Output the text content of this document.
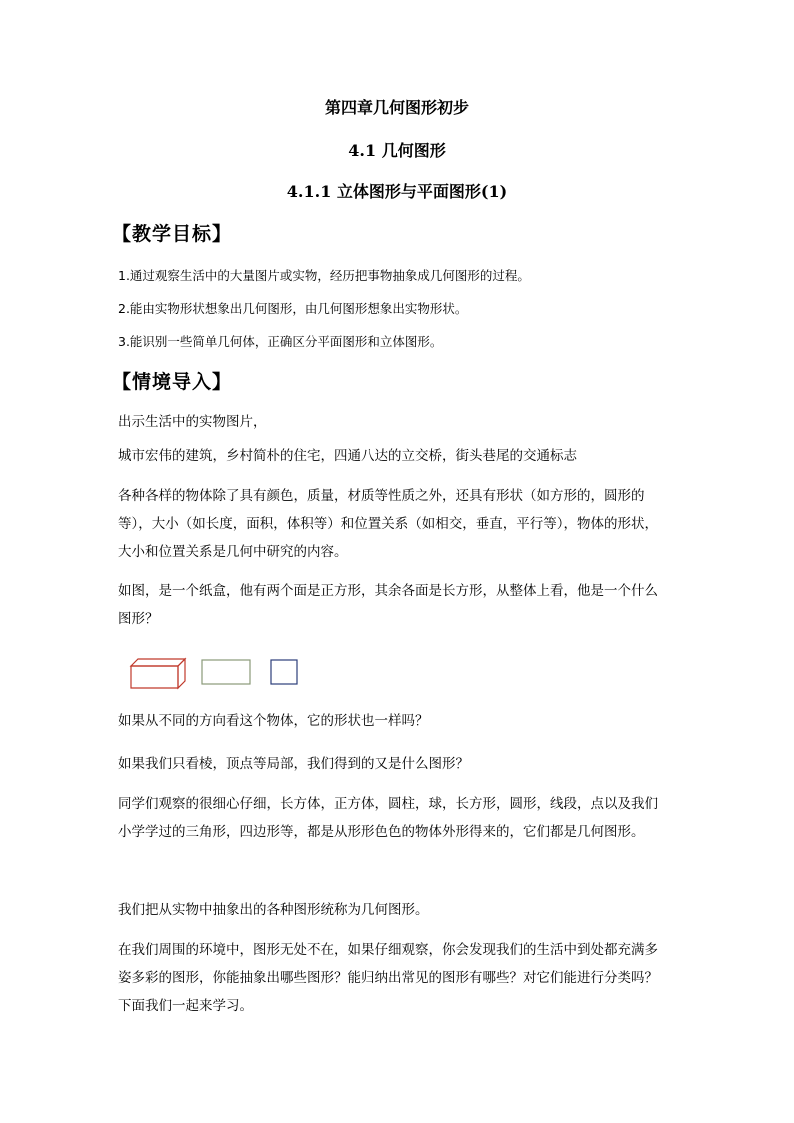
第四章几何图形初步
4.1 几何图形
4.1.1 立体图形与平面图形(1)
【教学目标】
1.通过观察生活中的大量图片或实物，经历把事物抽象成几何图形的过程。
2.能由实物形状想象出几何图形，由几何图形想象出实物形状。
3.能识别一些简单几何体，正确区分平面图形和立体图形。
【情境导入】
出示生活中的实物图片，
城市宏伟的建筑，乡村简朴的住宅，四通八达的立交桥，街头巷尾的交通标志
各种各样的物体除了具有颜色，质量，材质等性质之外，还具有形状（如方形的，圆形的
等），大小（如长度，面积，体积等）和位置关系（如相交，垂直，平行等），物体的形状，
大小和位置关系是几何中研究的内容。
如图，是一个纸盒，他有两个面是正方形，其余各面是长方形，从整体上看，他是一个什么
图形？
如果从不同的方向看这个物体，它的形状也一样吗？
如果我们只看棱，顶点等局部，我们得到的又是什么图形？
同学们观察的很细心仔细，长方体，正方体，圆柱，球，长方形，圆形，线段，点以及我们
小学学过的三角形，四边形等，都是从形形色色的物体外形得来的，它们都是几何图形。
我们把从实物中抽象出的各种图形统称为几何图形。
在我们周围的环境中，图形无处不在，如果仔细观察，你会发现我们的生活中到处都充满多
姿多彩的图形，你能抽象出哪些图形？能归纳出常见的图形有哪些？对它们能进行分类吗？
下面我们一起来学习。
